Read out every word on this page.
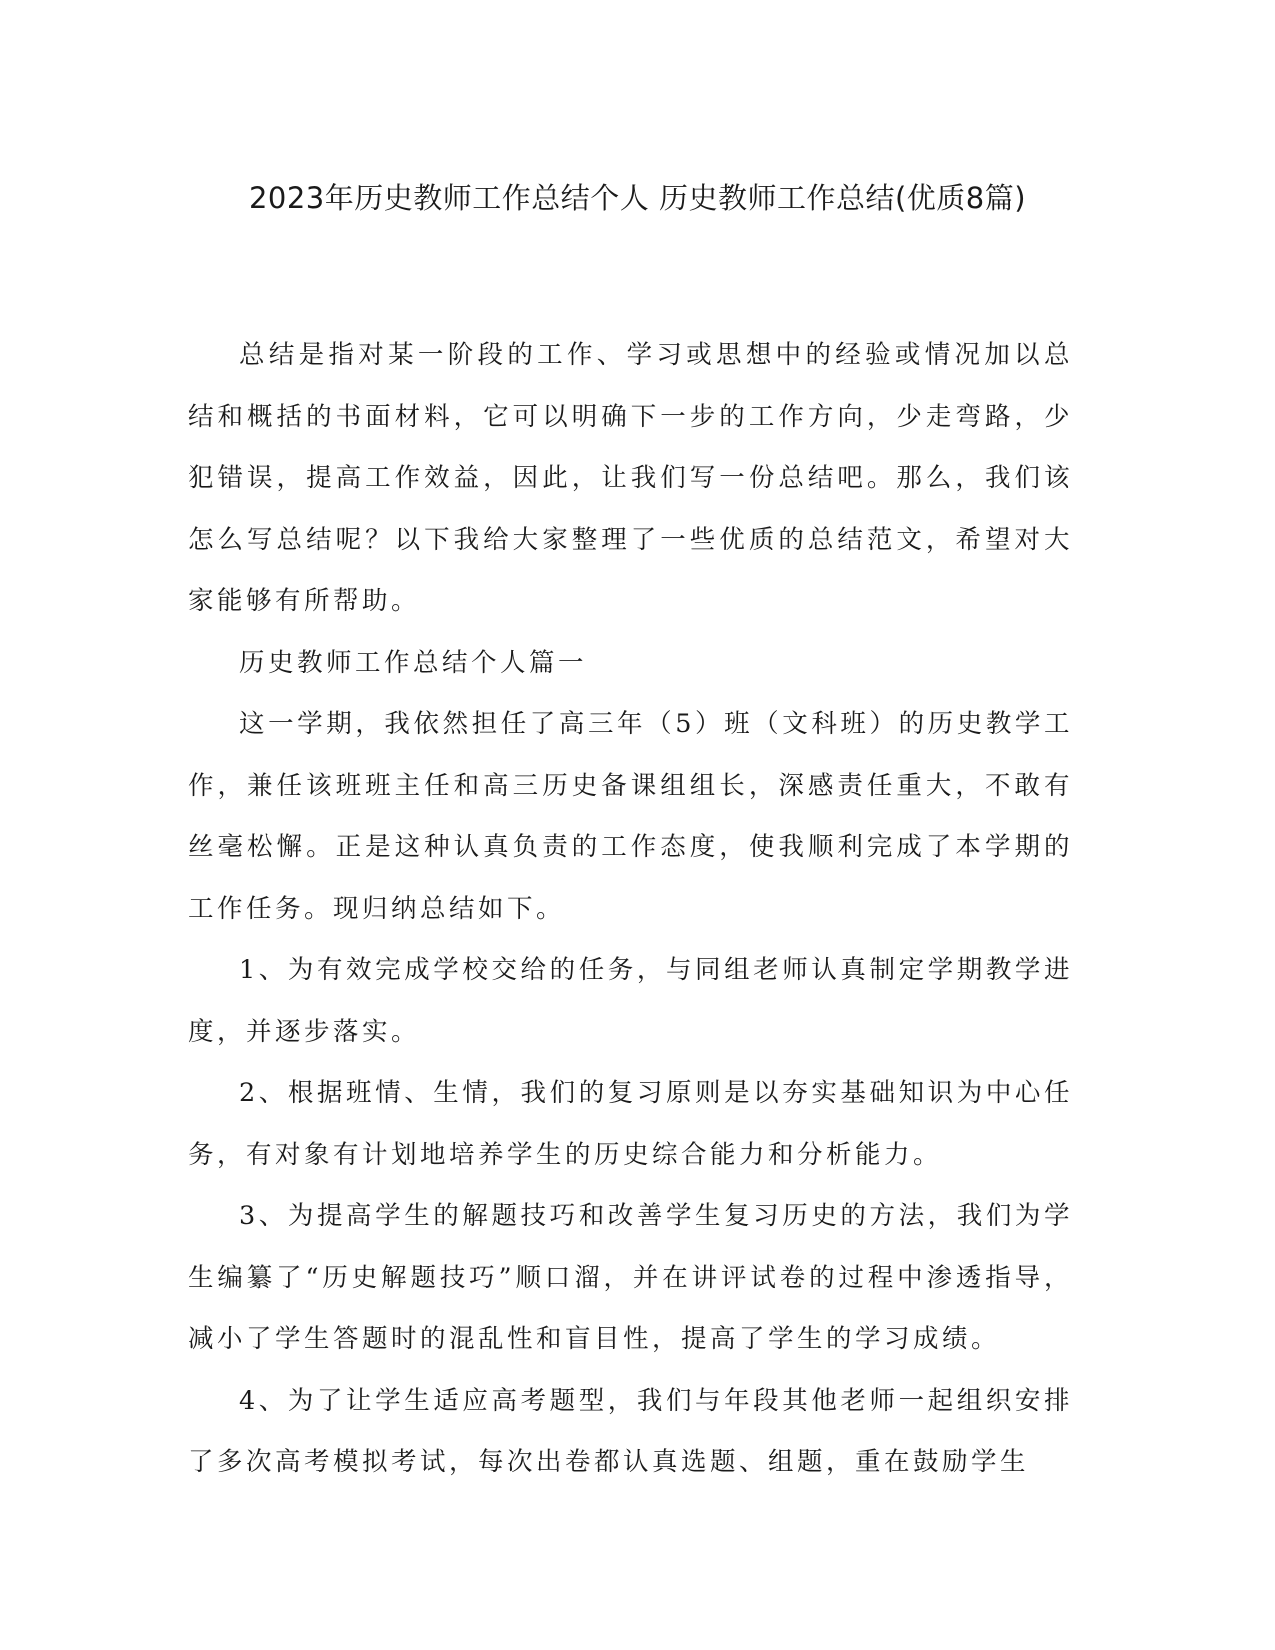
2023年历史教师工作总结个人 历史教师工作总结(优质8篇)

总结是指对某一阶段的工作、学习或思想中的经验或情况加以总结和概括的书面材料，它可以明确下一步的工作方向，少走弯路，少犯错误，提高工作效益，因此，让我们写一份总结吧。那么，我们该怎么写总结呢？以下我给大家整理了一些优质的总结范文，希望对大家能够有所帮助。

历史教师工作总结个人篇一

这一学期，我依然担任了高三年（5）班（文科班）的历史教学工作，兼任该班班主任和高三历史备课组组长，深感责任重大，不敢有丝毫松懈。正是这种认真负责的工作态度，使我顺利完成了本学期的工作任务。现归纳总结如下。

1、为有效完成学校交给的任务，与同组老师认真制定学期教学进度，并逐步落实。

2、根据班情、生情，我们的复习原则是以夯实基础知识为中心任务，有对象有计划地培养学生的历史综合能力和分析能力。

3、为提高学生的解题技巧和改善学生复习历史的方法，我们为学生编纂了“历史解题技巧”顺口溜，并在讲评试卷的过程中渗透指导，减小了学生答题时的混乱性和盲目性，提高了学生的学习成绩。

4、为了让学生适应高考题型，我们与年段其他老师一起组织安排了多次高考模拟考试，每次出卷都认真选题、组题，重在鼓励学生
